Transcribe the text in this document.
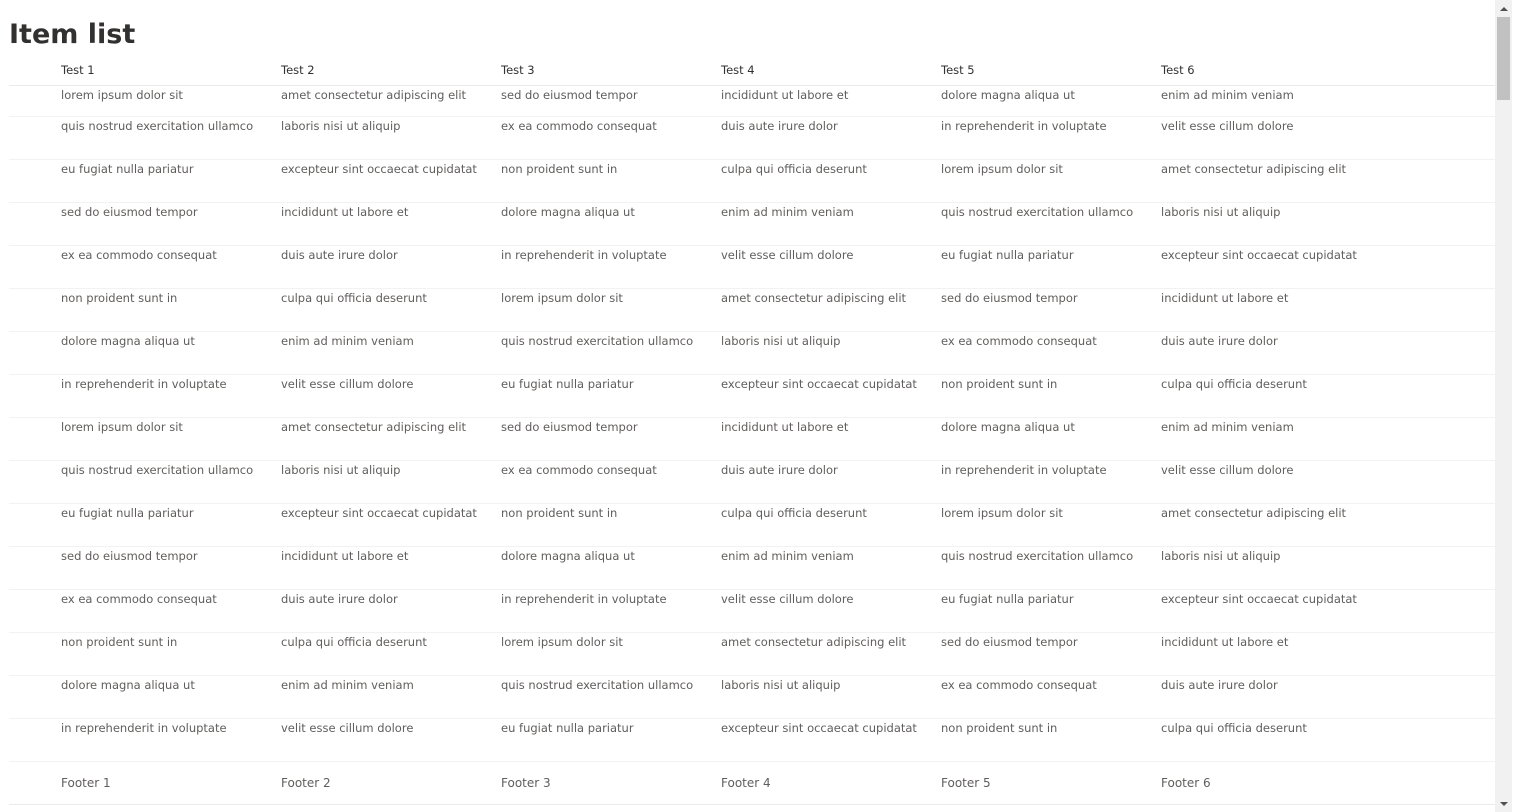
Item list
Test 1	Test 2	Test 3	Test 4	Test 5	Test 6
lorem ipsum dolor sit	amet consectetur adipiscing elit	sed do eiusmod tempor	incididunt ut labore et	dolore magna aliqua ut	enim ad minim veniam
quis nostrud exercitation ullamco	laboris nisi ut aliquip	ex ea commodo consequat	duis aute irure dolor	in reprehenderit in voluptate	velit esse cillum dolore
eu fugiat nulla pariatur	excepteur sint occaecat cupidatat	non proident sunt in	culpa qui officia deserunt	lorem ipsum dolor sit	amet consectetur adipiscing elit
sed do eiusmod tempor	incididunt ut labore et	dolore magna aliqua ut	enim ad minim veniam	quis nostrud exercitation ullamco	laboris nisi ut aliquip
ex ea commodo consequat	duis aute irure dolor	in reprehenderit in voluptate	velit esse cillum dolore	eu fugiat nulla pariatur	excepteur sint occaecat cupidatat
non proident sunt in	culpa qui officia deserunt	lorem ipsum dolor sit	amet consectetur adipiscing elit	sed do eiusmod tempor	incididunt ut labore et
dolore magna aliqua ut	enim ad minim veniam	quis nostrud exercitation ullamco	laboris nisi ut aliquip	ex ea commodo consequat	duis aute irure dolor
in reprehenderit in voluptate	velit esse cillum dolore	eu fugiat nulla pariatur	excepteur sint occaecat cupidatat	non proident sunt in	culpa qui officia deserunt
lorem ipsum dolor sit	amet consectetur adipiscing elit	sed do eiusmod tempor	incididunt ut labore et	dolore magna aliqua ut	enim ad minim veniam
quis nostrud exercitation ullamco	laboris nisi ut aliquip	ex ea commodo consequat	duis aute irure dolor	in reprehenderit in voluptate	velit esse cillum dolore
eu fugiat nulla pariatur	excepteur sint occaecat cupidatat	non proident sunt in	culpa qui officia deserunt	lorem ipsum dolor sit	amet consectetur adipiscing elit
sed do eiusmod tempor	incididunt ut labore et	dolore magna aliqua ut	enim ad minim veniam	quis nostrud exercitation ullamco	laboris nisi ut aliquip
ex ea commodo consequat	duis aute irure dolor	in reprehenderit in voluptate	velit esse cillum dolore	eu fugiat nulla pariatur	excepteur sint occaecat cupidatat
non proident sunt in	culpa qui officia deserunt	lorem ipsum dolor sit	amet consectetur adipiscing elit	sed do eiusmod tempor	incididunt ut labore et
dolore magna aliqua ut	enim ad minim veniam	quis nostrud exercitation ullamco	laboris nisi ut aliquip	ex ea commodo consequat	duis aute irure dolor
in reprehenderit in voluptate	velit esse cillum dolore	eu fugiat nulla pariatur	excepteur sint occaecat cupidatat	non proident sunt in	culpa qui officia deserunt
Footer 1	Footer 2	Footer 3	Footer 4	Footer 5	Footer 6
